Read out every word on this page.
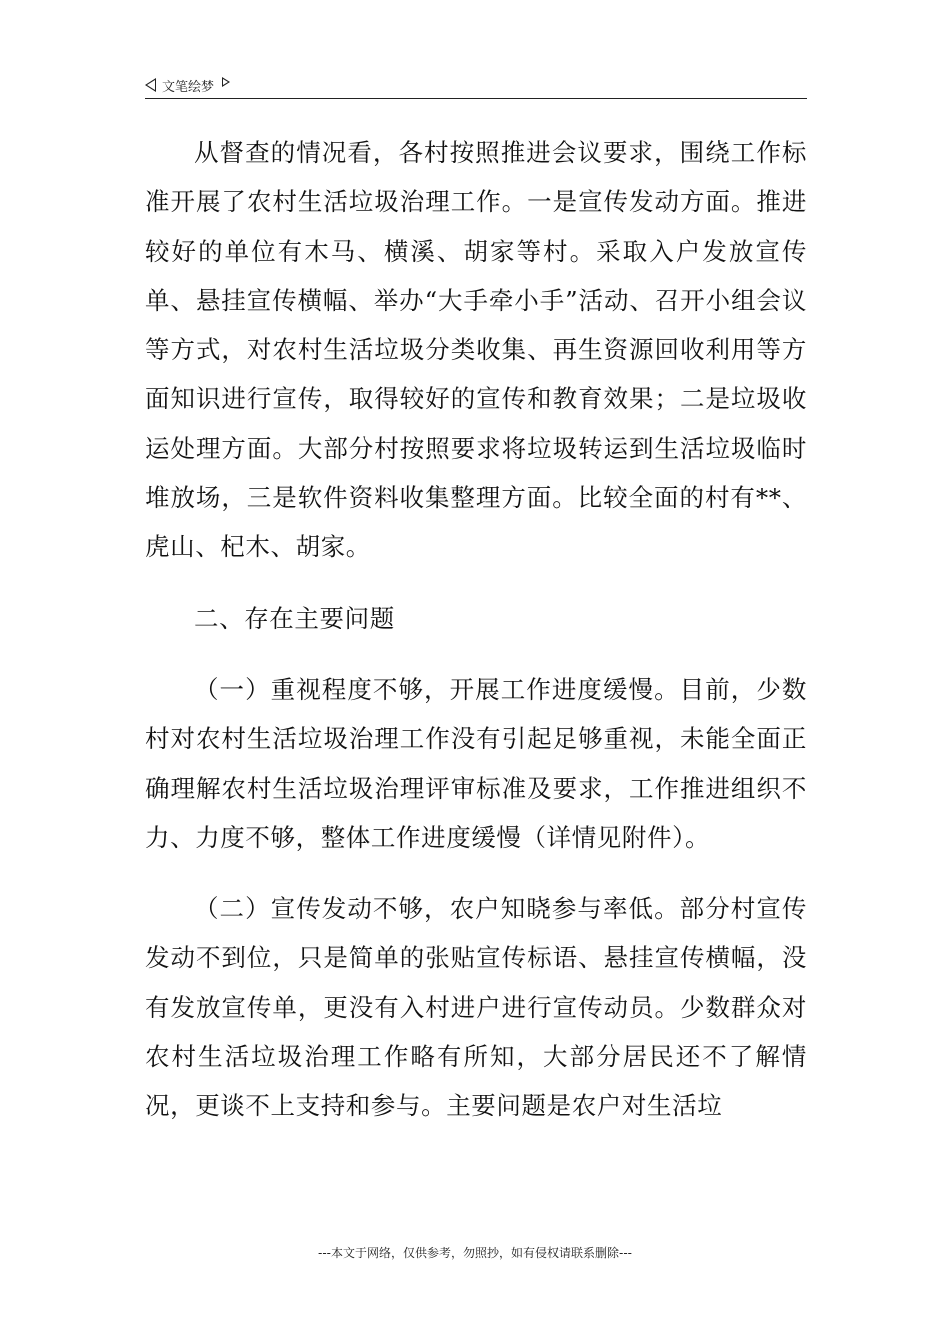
文笔绘梦

从督查的情况看，各村按照推进会议要求，围绕工作标准开展了农村生活垃圾治理工作。一是宣传发动方面。推进较好的单位有木马、横溪、胡家等村。采取入户发放宣传单、悬挂宣传横幅、举办“大手牵小手”活动、召开小组会议等方式，对农村生活垃圾分类收集、再生资源回收利用等方面知识进行宣传，取得较好的宣传和教育效果；二是垃圾收运处理方面。大部分村按照要求将垃圾转运到生活垃圾临时堆放场，三是软件资料收集整理方面。比较全面的村有**、虎山、杞木、胡家。

二、存在主要问题

（一）重视程度不够，开展工作进度缓慢。目前，少数村对农村生活垃圾治理工作没有引起足够重视，未能全面正确理解农村生活垃圾治理评审标准及要求，工作推进组织不力、力度不够，整体工作进度缓慢（详情见附件）。

（二）宣传发动不够，农户知晓参与率低。部分村宣传发动不到位，只是简单的张贴宣传标语、悬挂宣传横幅，没有发放宣传单，更没有入村进户进行宣传动员。少数群众对农村生活垃圾治理工作略有所知，大部分居民还不了解情况，更谈不上支持和参与。主要问题是农户对生活垃

---本文于网络，仅供参考，勿照抄，如有侵权请联系删除---
